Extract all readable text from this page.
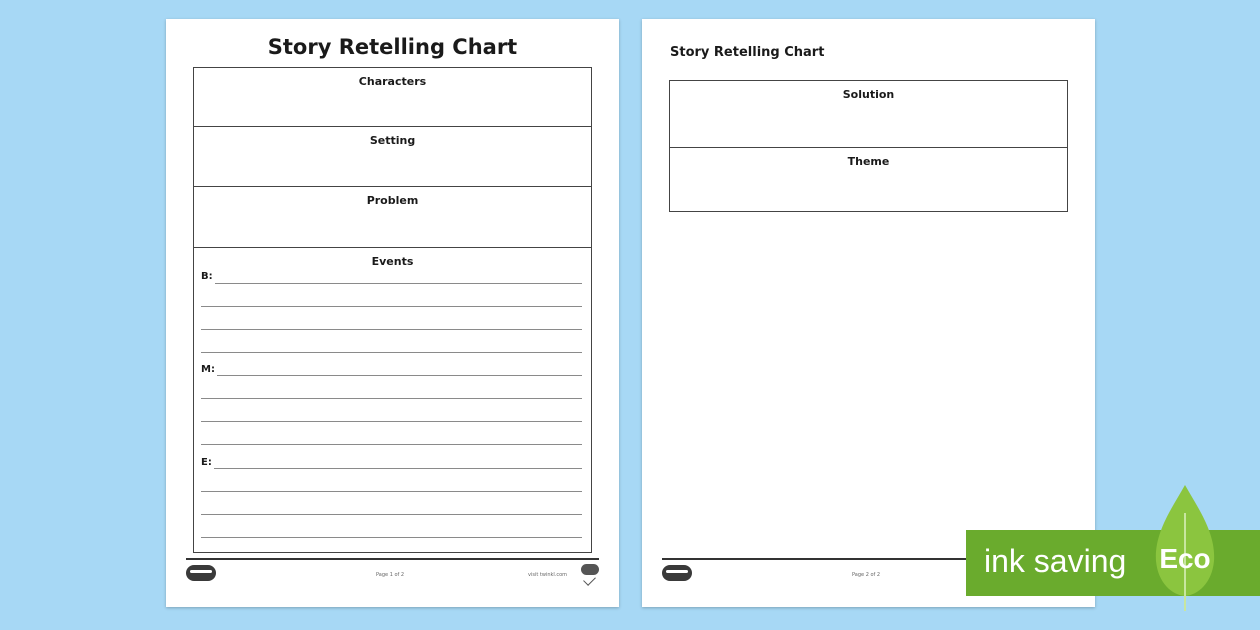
Story Retelling Chart
Characters
Setting
Problem
Events
B:
M:
E:
Page 1 of 2	visit twinkl.com
Story Retelling Chart
Solution
Theme
Page 2 of 2	ink saving Eco
